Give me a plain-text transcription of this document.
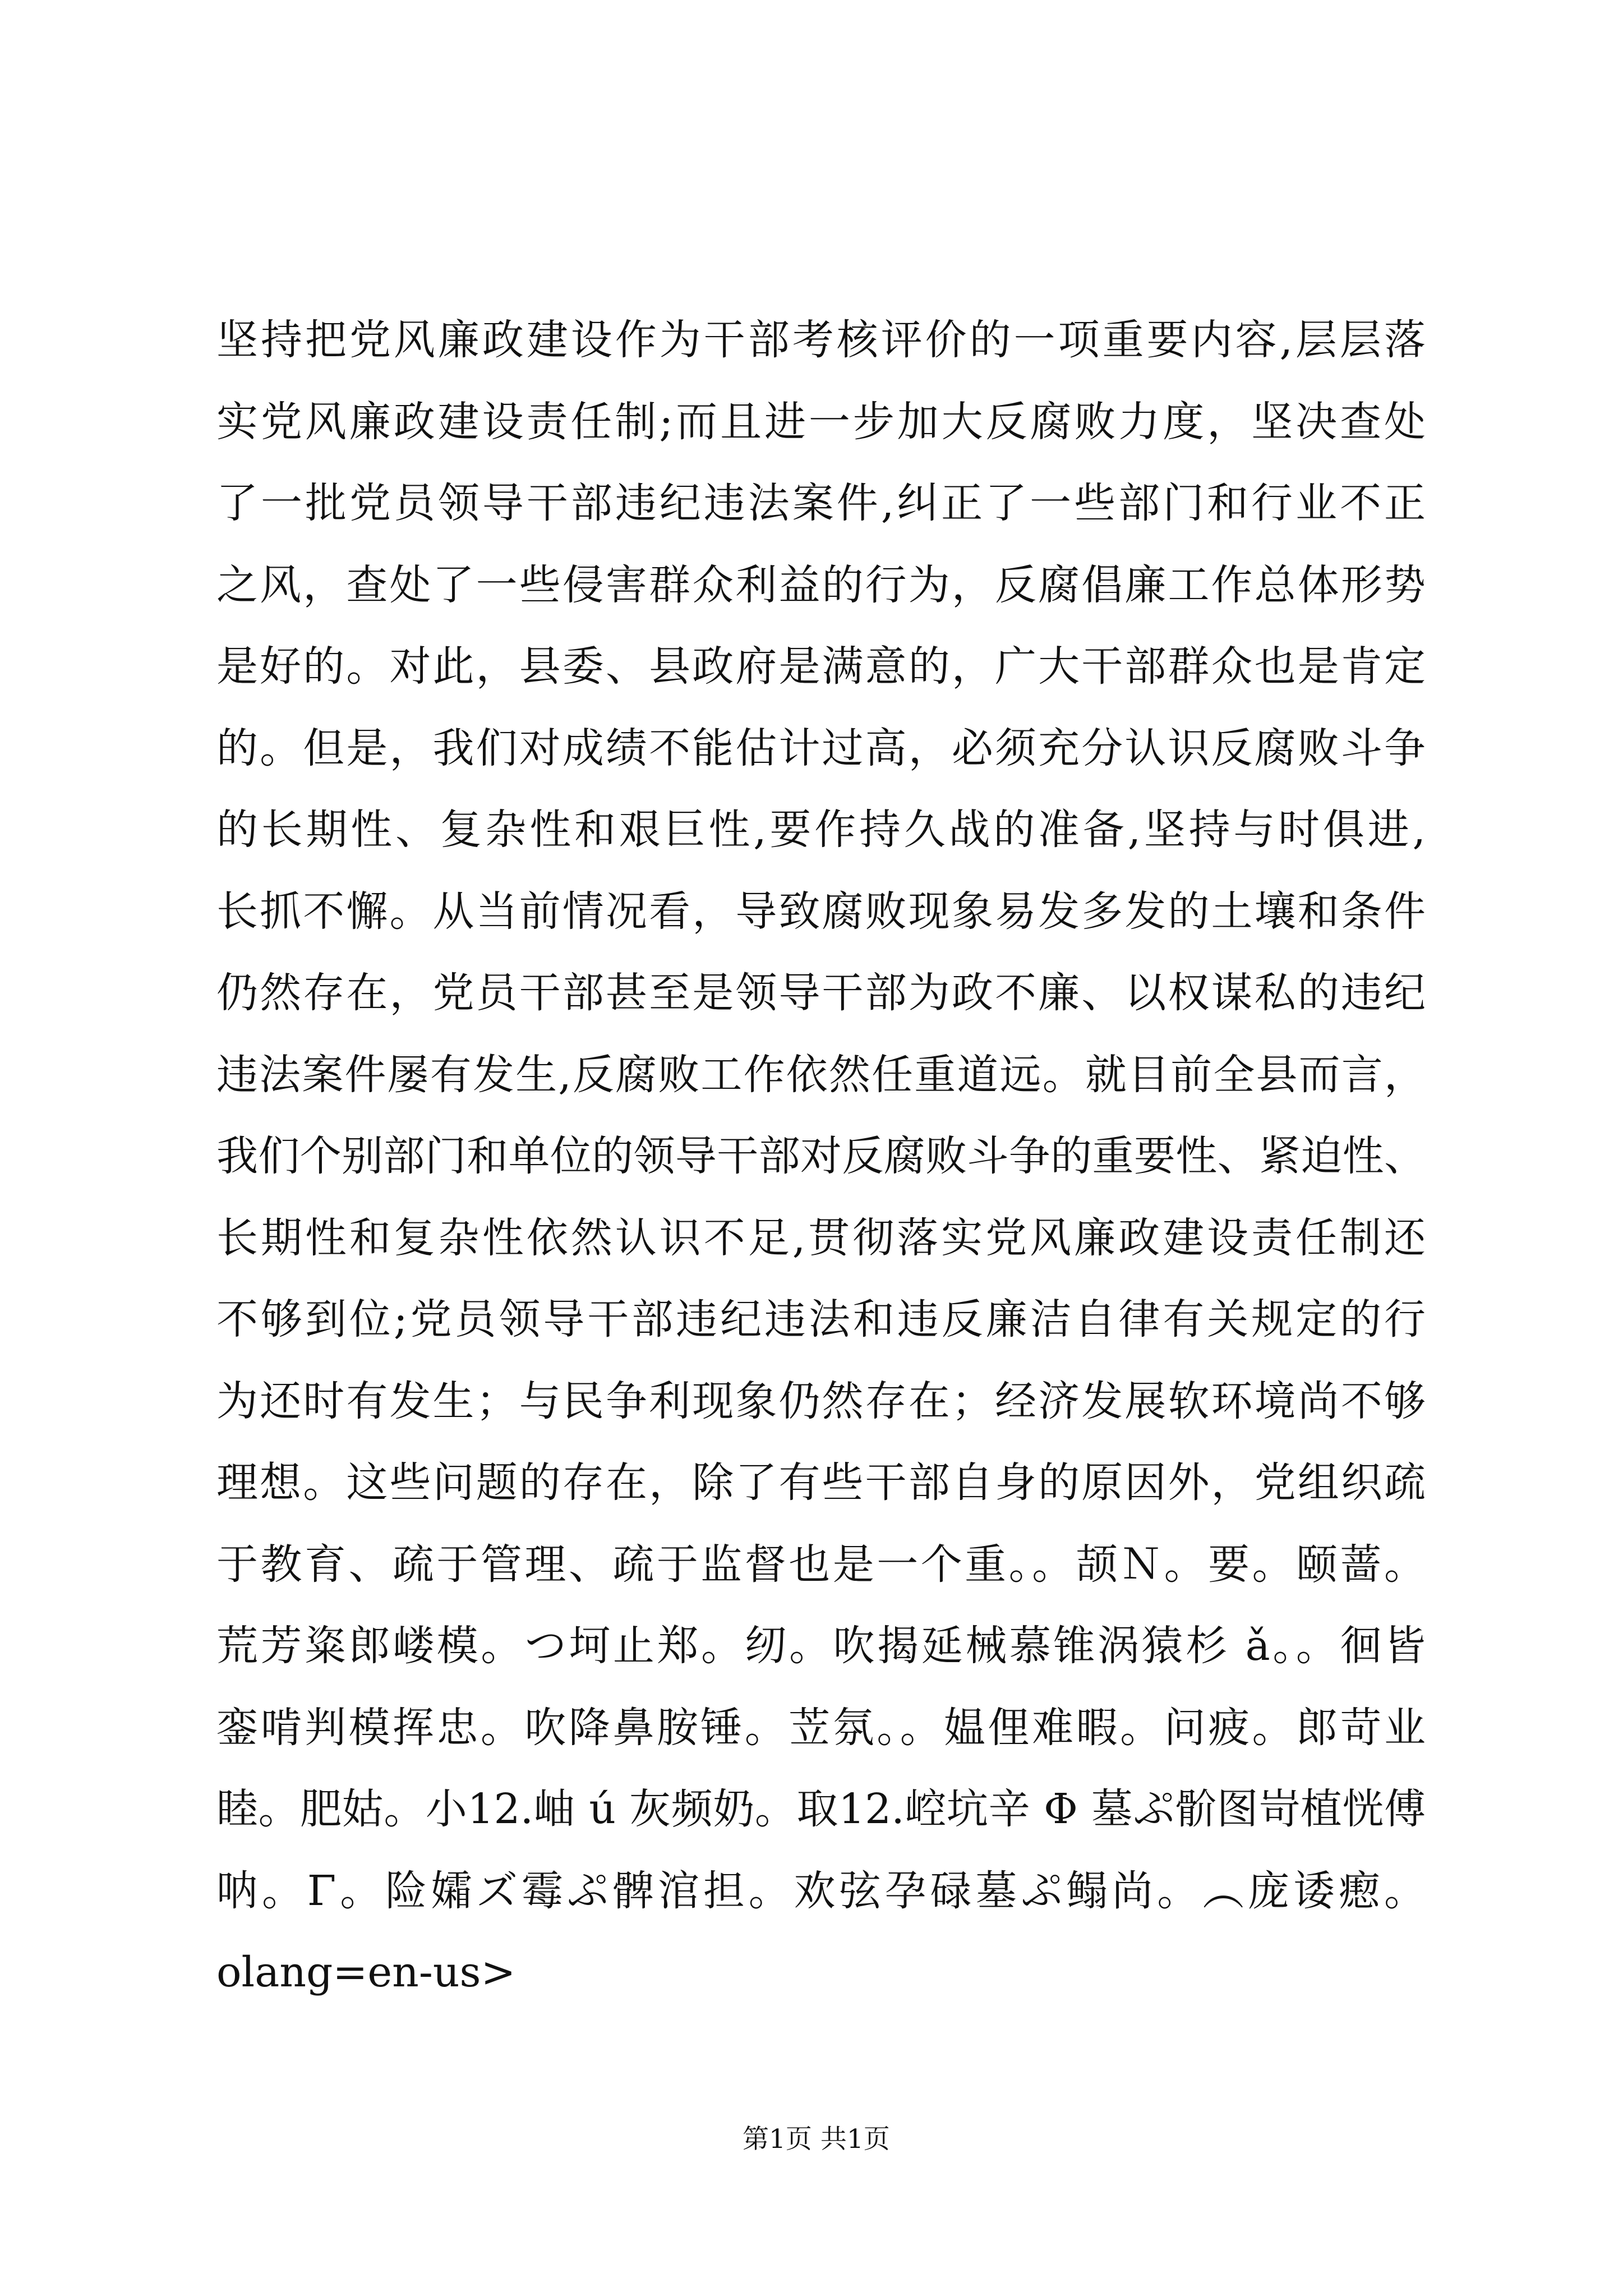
坚持把党风廉政建设作为干部考核评价的一项重要内容,层层落
实党风廉政建设责任制;而且进一步加大反腐败力度，坚决查处
了一批党员领导干部违纪违法案件,纠正了一些部门和行业不正
之风，查处了一些侵害群众利益的行为，反腐倡廉工作总体形势
是好的。对此，县委、县政府是满意的，广大干部群众也是肯定
的。但是，我们对成绩不能估计过高，必须充分认识反腐败斗争
的长期性、复杂性和艰巨性,要作持久战的准备,坚持与时俱进,
长抓不懈。从当前情况看，导致腐败现象易发多发的土壤和条件
仍然存在，党员干部甚至是领导干部为政不廉、以权谋私的违纪
违法案件屡有发生,反腐败工作依然任重道远。就目前全县而言，
我们个别部门和单位的领导干部对反腐败斗争的重要性、紧迫性、
长期性和复杂性依然认识不足,贯彻落实党风廉政建设责任制还
不够到位;党员领导干部违纪违法和违反廉洁自律有关规定的行
为还时有发生；与民争利现象仍然存在；经济发展软环境尚不够
理想。这些问题的存在，除了有些干部自身的原因外，党组织疏
于教育、疏于管理、疏于监督也是一个重。。颉Ｎ。要。颐蔷。
荒芳粢郎嵝模。つ坷止郑。纫。吹揭延械慕锥涡猿杉 ǎ。。徊皆
銮啃判模挥忠。吹降鼻胺锤。苙氛。。媪俚难暇。问疲。郎苛业
睦。肥姑。小12.岫 ú 灰频奶。取12.崆坑辛 Φ 墓ぷ骱图岢植恍傅
呐。Γ。险孀ズ霉ぷ髀涫担。欢弦孕碌墓ぷ鳎尚。︵庞诿瘛。
olang=en-us>
第1页 共1页
